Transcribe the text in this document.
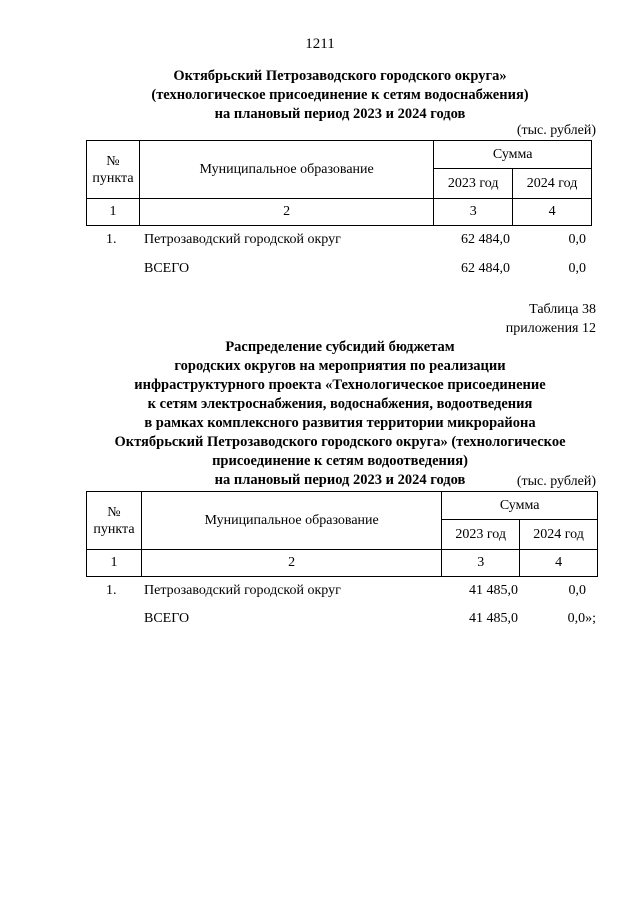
1211
Октябрьский Петрозаводского городского округа»
(технологическое присоединение к сетям водоснабжения)
на плановый период 2023 и 2024 годов
(тыс. рублей)
№ пункта	Муниципальное образование	Сумма	
		2023 год	2024 год
1	2	3	4
1. Петрозаводский городской округ	62 484,0	0,0
ВСЕГО	62 484,0	0,0
Таблица 38
приложения 12
Распределение субсидий бюджетам
городских округов на мероприятия по реализации
инфраструктурного проекта «Технологическое присоединение
к сетям электроснабжения, водоснабжения, водоотведения
в рамках комплексного развития территории микрорайона
Октябрьский Петрозаводского городского округа» (технологическое
присоединение к сетям водоотведения)
на плановый период 2023 и 2024 годов	(тыс. рублей)
№ пункта	Муниципальное образование	Сумма	
		2023 год	2024 год
1	2	3	4
1. Петрозаводский городской округ	41 485,0	0,0
ВСЕГО	41 485,0	0,0»;
